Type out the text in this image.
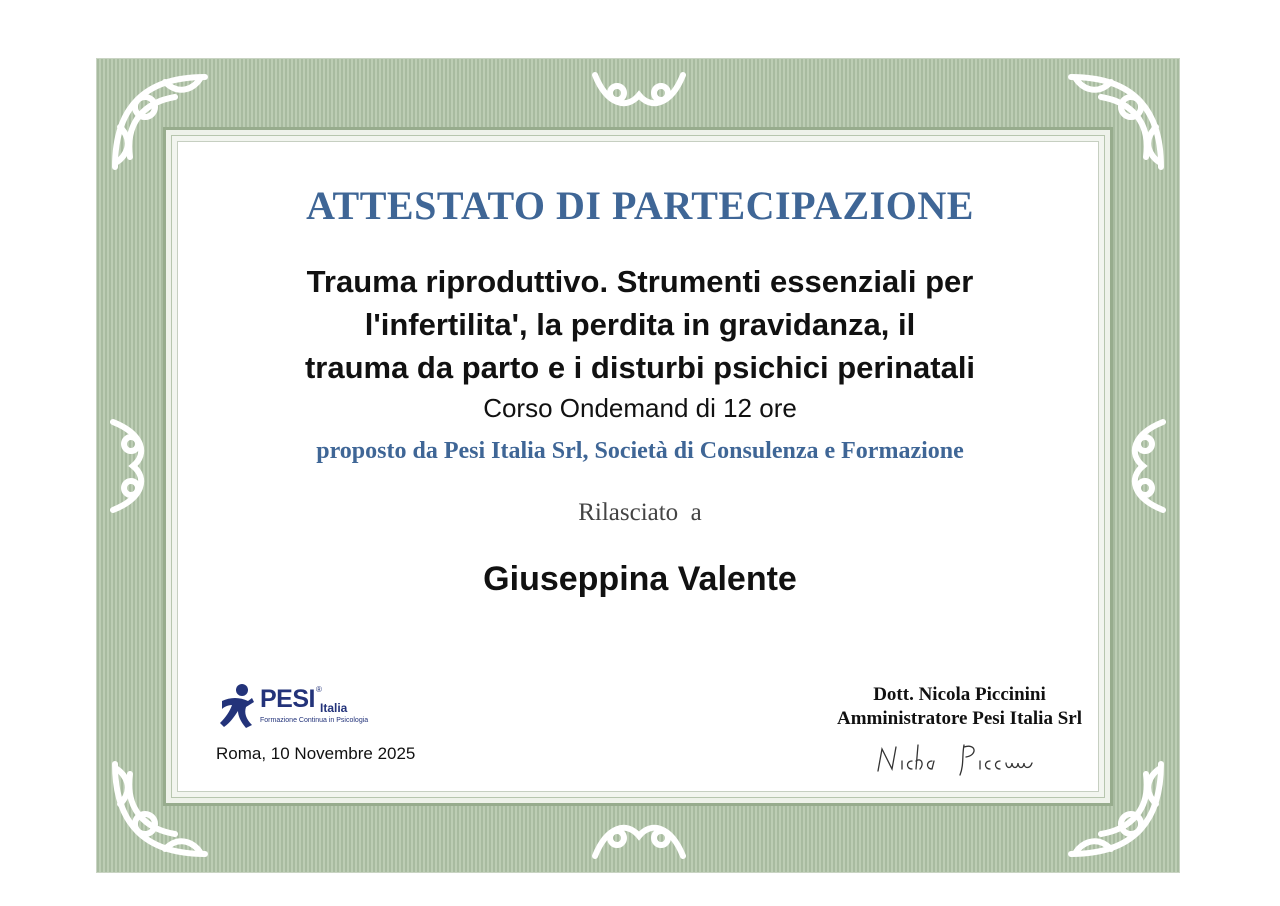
ATTESTATO DI PARTECIPAZIONE
Trauma riproduttivo. Strumenti essenziali per
l'infertilita', la perdita in gravidanza, il
trauma da parto e i disturbi psichici perinatali
Corso Ondemand di 12 ore
proposto da Pesi Italia Srl, Società di Consulenza e Formazione
Rilasciato  a
Giuseppina Valente
PESI ®
Italia
Formazione Continua in Psicologia
Roma, 10 Novembre 2025
Dott. Nicola Piccinini
Amministratore Pesi Italia Srl
